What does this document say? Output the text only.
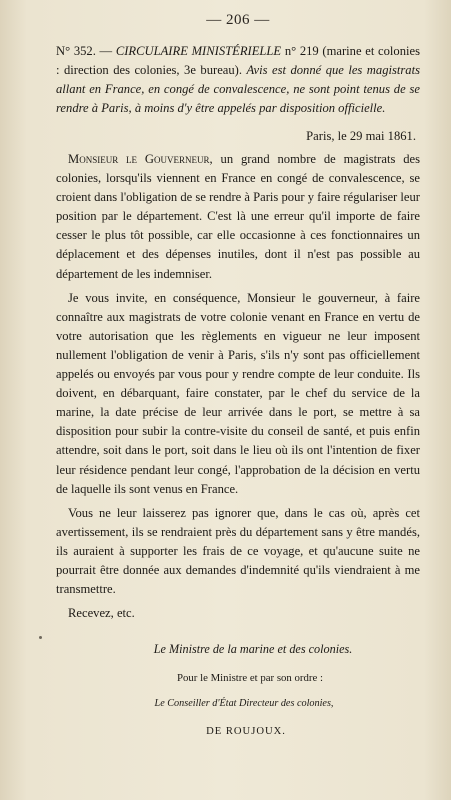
— 206 —

N° 352. — CIRCULAIRE MINISTÉRIELLE n° 219 (marine et colonies : direction des colonies, 3e bureau). Avis est donné que les magistrats allant en France, en congé de convalescence, ne sont point tenus de se rendre à Paris, à moins d'y être appelés par disposition officielle.

Paris, le 29 mai 1861.

Monsieur le Gouverneur, un grand nombre de magistrats des colonies, lorsqu'ils viennent en France en congé de convalescence, se croient dans l'obligation de se rendre à Paris pour y faire régulariser leur position par le département. C'est là une erreur qu'il importe de faire cesser le plus tôt possible, car elle occasionne à ces fonctionnaires un déplacement et des dépenses inutiles, dont il n'est pas possible au département de les indemniser.

Je vous invite, en conséquence, Monsieur le gouverneur, à faire connaître aux magistrats de votre colonie venant en France en vertu de votre autorisation que les règlements en vigueur ne leur imposent nullement l'obligation de venir à Paris, s'ils n'y sont pas officiellement appelés ou envoyés par vous pour y rendre compte de leur conduite. Ils doivent, en débarquant, faire constater, par le chef du service de la marine, la date précise de leur arrivée dans le port, se mettre à sa disposition pour subir la contre-visite du conseil de santé, et puis enfin attendre, soit dans le port, soit dans le lieu où ils ont l'intention de fixer leur résidence pendant leur congé, l'approbation de la décision en vertu de laquelle ils sont venus en France.

Vous ne leur laisserez pas ignorer que, dans le cas où, après cet avertissement, ils se rendraient près du département sans y être mandés, ils auraient à supporter les frais de ce voyage, et qu'aucune suite ne pourrait être donnée aux demandes d'indemnité qu'ils viendraient à me transmettre.

Recevez, etc.

Le Ministre de la marine et des colonies.
Pour le Ministre et par son ordre :
Le Conseiller d'État Directeur des colonies,
DE ROUJOUX.
